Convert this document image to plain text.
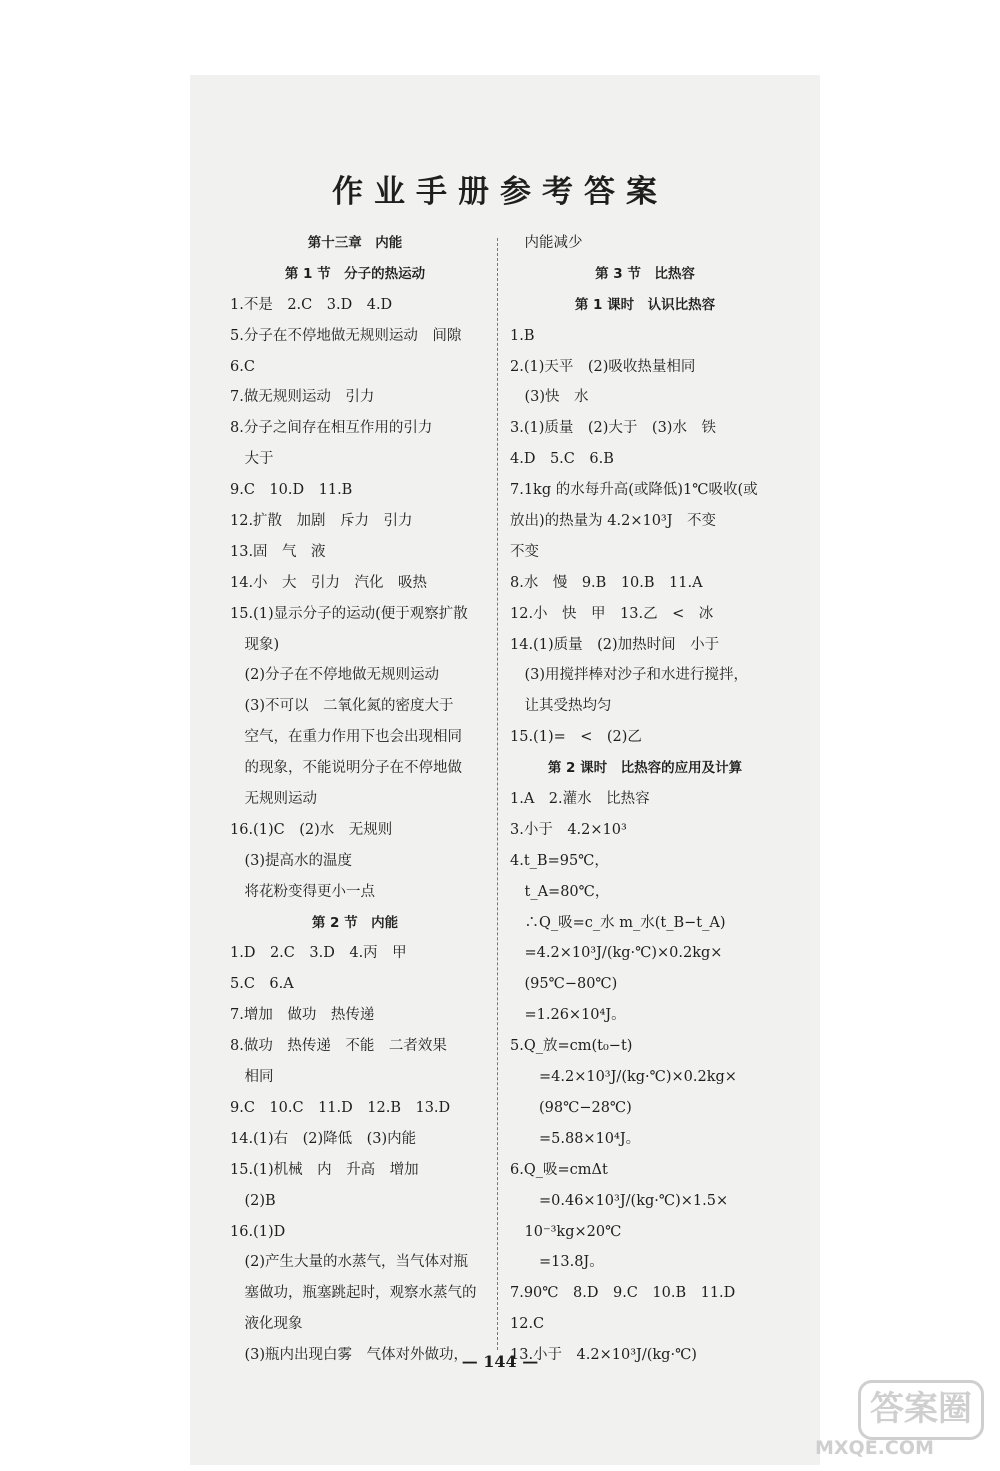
作业手册参考答案
第十三章　内能
第 1 节　分子的热运动
1.不是　2.C　3.D　4.D
5.分子在不停地做无规则运动　间隙
6.C
7.做无规则运动　引力
8.分子之间存在相互作用的引力
　大于
9.C　10.D　11.B
12.扩散　加剧　斥力　引力
13.固　气　液
14.小　大　引力　汽化　吸热
15.(1)显示分子的运动(便于观察扩散
　现象)
　(2)分子在不停地做无规则运动
　(3)不可以　二氧化氮的密度大于
　空气，在重力作用下也会出现相同
　的现象，不能说明分子在不停地做
　无规则运动
16.(1)C　(2)水　无规则
　(3)提高水的温度
　将花粉变得更小一点
第 2 节　内能
1.D　2.C　3.D　4.丙　甲
5.C　6.A
7.增加　做功　热传递
8.做功　热传递　不能　二者效果
　相同
9.C　10.C　11.D　12.B　13.D
14.(1)右　(2)降低　(3)内能
15.(1)机械　内　升高　增加
　(2)B
16.(1)D
　(2)产生大量的水蒸气，当气体对瓶
　塞做功，瓶塞跳起时，观察水蒸气的
　液化现象
　(3)瓶内出现白雾　气体对外做功，
　内能减少
第 3 节　比热容
第 1 课时　认识比热容
1.B
2.(1)天平　(2)吸收热量相同
　(3)快　水
3.(1)质量　(2)大于　(3)水　铁
4.D　5.C　6.B
7.1kg 的水每升高(或降低)1℃吸收(或
放出)的热量为 4.2×10³J　不变
不变
8.水　慢　9.B　10.B　11.A
12.小　快　甲　13.乙　<　冰
14.(1)质量　(2)加热时间　小于
　(3)用搅拌棒对沙子和水进行搅拌，
　让其受热均匀
15.(1)=　<　(2)乙
第 2 课时　比热容的应用及计算
1.A　2.灌水　比热容
3.小于　4.2×10³
4.t_B=95℃，
　t_A=80℃，
　∴Q_吸=c_水 m_水(t_B−t_A)
　=4.2×10³J/(kg·℃)×0.2kg×
　(95℃−80℃)
　=1.26×10⁴J。
5.Q_放=cm(t₀−t)
　　=4.2×10³J/(kg·℃)×0.2kg×
　　(98℃−28℃)
　　=5.88×10⁴J。
6.Q_吸=cmΔt
　　=0.46×10³J/(kg·℃)×1.5×
　10⁻³kg×20℃
　　=13.8J。
7.90℃　8.D　9.C　10.B　11.D
12.C
13.小于　4.2×10³J/(kg·℃)
— 144 —
答案圈
MXQE.COM
